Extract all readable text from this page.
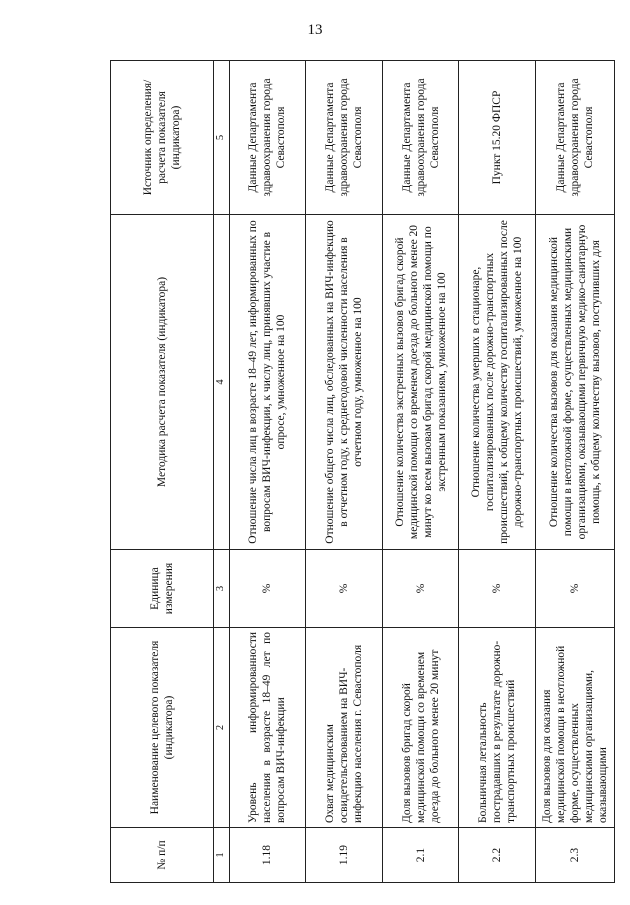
13
№ п/п	Наименование целевого показателя (индикатора)	Единица измерения	Методика расчета показателя (индикатора)	Источник определения/ расчета показателя (индикатора)
1	2	3	4	5
1.18	Уровень информированности населения в возрасте 18–49 лет по вопросам ВИЧ-инфекции	%	Отношение числа лиц в возрасте 18–49 лет, информированных по вопросам ВИЧ-инфекции, к числу лиц, принявших участие в опросе, умноженное на 100	Данные Департамента здравоохранения города Севастополя
1.19	Охват медицинским освидетельствованием на ВИЧ-инфекцию населения г. Севастополя	%	Отношение общего числа лиц, обследованных на ВИЧ-инфекцию в отчетном году, к среднегодовой численности населения в отчетном году, умноженное на 100	Данные Департамента здравоохранения города Севастополя
2.1	Доля вызовов бригад скорой медицинской помощи со временем доезда до больного менее 20 минут	%	Отношение количества экстренных вызовов бригад скорой медицинской помощи со временем доезда до больного менее 20 минут ко всем вызовам бригад скорой медицинской помощи по экстренным показаниям, умноженное на 100	Данные Департамента здравоохранения города Севастополя
2.2	Больничная летальность пострадавших в результате дорожно-транспортных происшествий	%	Отношение количества умерших в стационаре, госпитализированных после дорожно-транспортных происшествий, к общему количеству госпитализированных после дорожно-транспортных происшествий, умноженное на 100	Пункт 15.20 ФПСР
2.3	Доля вызовов для оказания медицинской помощи в неотложной форме, осуществленных медицинскими организациями, оказывающими	%	Отношение количества вызовов для оказания медицинской помощи в неотложной форме, осуществленных медицинскими организациями, оказывающими первичную медико-санитарную помощь, к общему количеству вызовов, поступивших для	Данные Департамента здравоохранения города Севастополя
